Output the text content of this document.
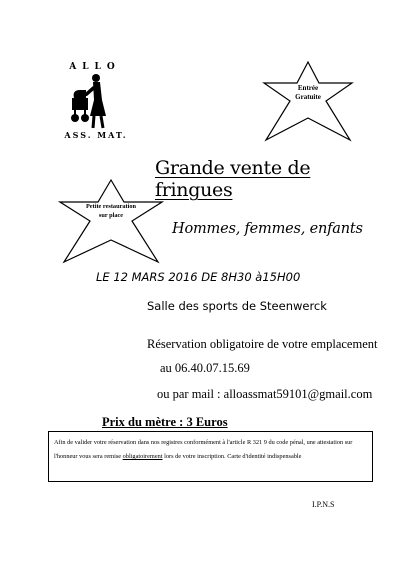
ALLO
ASS. MAT.
Entrée
Gratuite
Petite restauration
sur place
Grande vente de fringues
Hommes, femmes, enfants
LE 12 MARS 2016 DE 8H30 à15H00
Salle des sports de Steenwerck
Réservation obligatoire de votre emplacement
au 06.40.07.15.69
ou par mail : alloassmat59101@gmail.com
Prix du mètre : 3 Euros
Afin de valider votre réservation dans nos registres conformément à l'article R 321 9 du code pénal, une attestation sur l'honneur vous sera remise obligatoirement lors de votre inscription. Carte d'identité indispensable
I.P.N.S
